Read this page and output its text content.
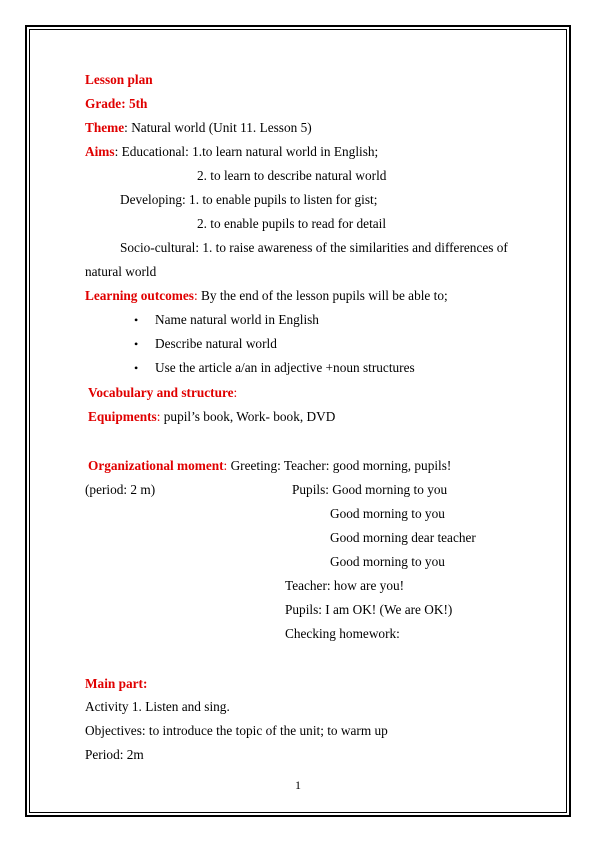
Lesson plan
Grade: 5th
Theme: Natural world (Unit 11. Lesson 5)
Aims: Educational: 1.to learn natural world in English;
2. to learn to describe natural world
Developing: 1. to enable pupils to listen for gist;
2. to enable pupils to read for detail
Socio-cultural: 1. to raise awareness of the similarities and differences of
natural world
Learning outcomes: By the end of the lesson pupils will be able to;
• Name natural world in English
• Describe natural world
• Use the article a/an in adjective +noun structures
Vocabulary and structure:
Equipments: pupil’s book, Work- book, DVD
Organizational moment: Greeting: Teacher: good morning, pupils!
(period: 2 m)	Pupils: Good morning to you
Good morning to you
Good morning dear teacher
Good morning to you
Teacher: how are you!
Pupils: I am OK! (We are OK!)
Checking homework:
Main part:
Activity 1. Listen and sing.
Objectives: to introduce the topic of the unit; to warm up
Period: 2m
1
